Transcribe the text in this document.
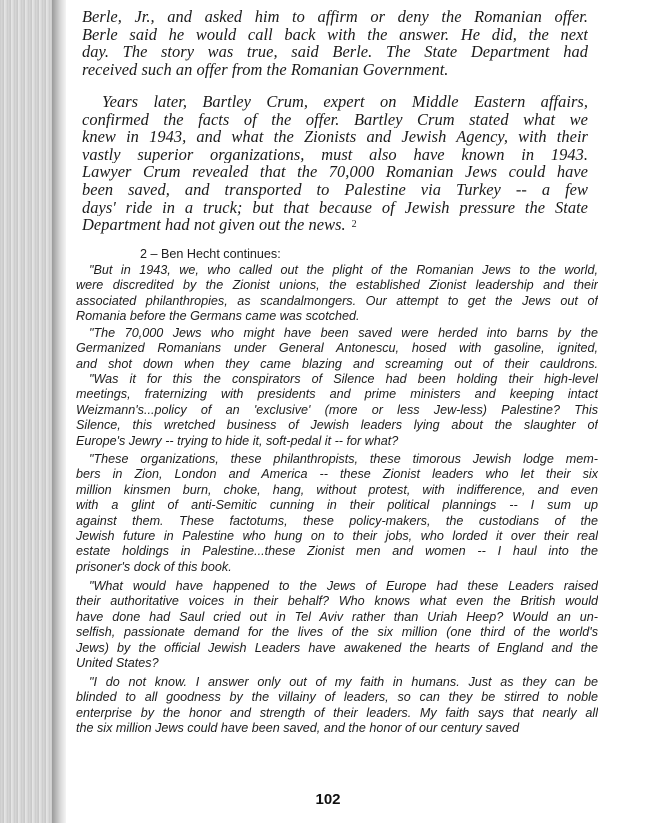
Berle, Jr., and asked him to affirm or deny the Romanian offer.
Berle said he would call back with the answer. He did, the next
day. The story was true, said Berle. The State Department had
received such an offer from the Romanian Government.
Years later, Bartley Crum, expert on Middle Eastern affairs,
confirmed the facts of the offer. Bartley Crum stated what we
knew in 1943, and what the Zionists and Jewish Agency, with their
vastly superior organizations, must also have known in 1943.
Lawyer Crum revealed that the 70,000 Romanian Jews could have
been saved, and transported to Palestine via Turkey -- a few
days' ride in a truck; but that because of Jewish pressure the State
Department had not given out the news. $^2$
2 – Ben Hecht continues:
"But in 1943, we, who called out the plight of the Romanian Jews to the world,
were discredited by the Zionist unions, the established Zionist leadership and their
associated philanthropies, as scandalmongers. Our attempt to get the Jews out of
Romania before the Germans came was scotched.
"The 70,000 Jews who might have been saved were herded into barns by the
Germanized Romanians under General Antonescu, hosed with gasoline, ignited,
and shot down when they came blazing and screaming out of their cauldrons.
"Was it for this the conspirators of Silence had been holding their high-level
meetings, fraternizing with presidents and prime ministers and keeping intact
Weizmann's...policy of an 'exclusive' (more or less Jew-less) Palestine? This
Silence, this wretched business of Jewish leaders lying about the slaughter of
Europe's Jewry -- trying to hide it, soft-pedal it -- for what?
"These organizations, these philanthropists, these timorous Jewish lodge mem-
bers in Zion, London and America -- these Zionist leaders who let their six
million kinsmen burn, choke, hang, without protest, with indifference, and even
with a glint of anti-Semitic cunning in their political plannings -- I sum up
against them. These factotums, these policy-makers, the custodians of the
Jewish future in Palestine who hung on to their jobs, who lorded it over their real
estate holdings in Palestine...these Zionist men and women -- I haul into the
prisoner's dock of this book.
"What would have happened to the Jews of Europe had these Leaders raised
their authoritative voices in their behalf? Who knows what even the British would
have done had Saul cried out in Tel Aviv rather than Uriah Heep? Would an un-
selfish, passionate demand for the lives of the six million (one third of the world's
Jews) by the official Jewish Leaders have awakened the hearts of England and the
United States?
"I do not know. I answer only out of my faith in humans. Just as they can be
blinded to all goodness by the villainy of leaders, so can they be stirred to noble
enterprise by the honor and strength of their leaders. My faith says that nearly all
the six million Jews could have been saved, and the honor of our century saved
102
